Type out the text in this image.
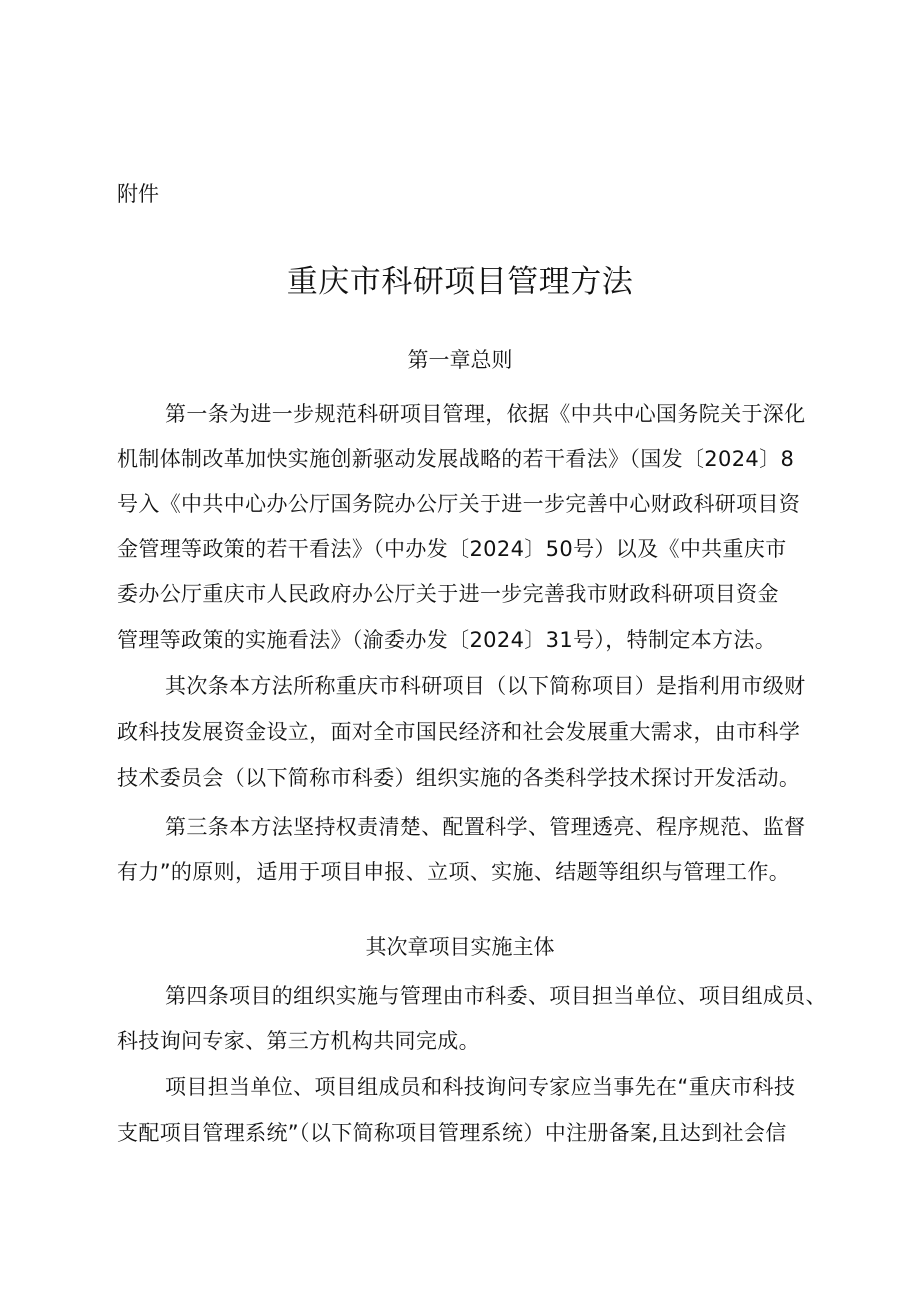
附件
重庆市科研项目管理方法
第一章总则
第一条为进一步规范科研项目管理，依据《中共中心国务院关于深化
机制体制改革加快实施创新驱动发展战略的若干看法》（国发〔2024〕8
号入《中共中心办公厅国务院办公厅关于进一步完善中心财政科研项目资
金管理等政策的若干看法》（中办发〔2024〕50号）以及《中共重庆市
委办公厅重庆市人民政府办公厅关于进一步完善我市财政科研项目资金
管理等政策的实施看法》（渝委办发〔2024〕31号），特制定本方法。
其次条本方法所称重庆市科研项目（以下简称项目）是指利用市级财
政科技发展资金设立，面对全市国民经济和社会发展重大需求，由市科学
技术委员会（以下简称市科委）组织实施的各类科学技术探讨开发活动。
第三条本方法坚持权责清楚、配置科学、管理透亮、程序规范、监督
有力”的原则，适用于项目申报、立项、实施、结题等组织与管理工作。
其次章项目实施主体
第四条项目的组织实施与管理由市科委、项目担当单位、项目组成员、
科技询问专家、第三方机构共同完成。
项目担当单位、项目组成员和科技询问专家应当事先在“重庆市科技
支配项目管理系统”（以下简称项目管理系统）中注册备案,且达到社会信
